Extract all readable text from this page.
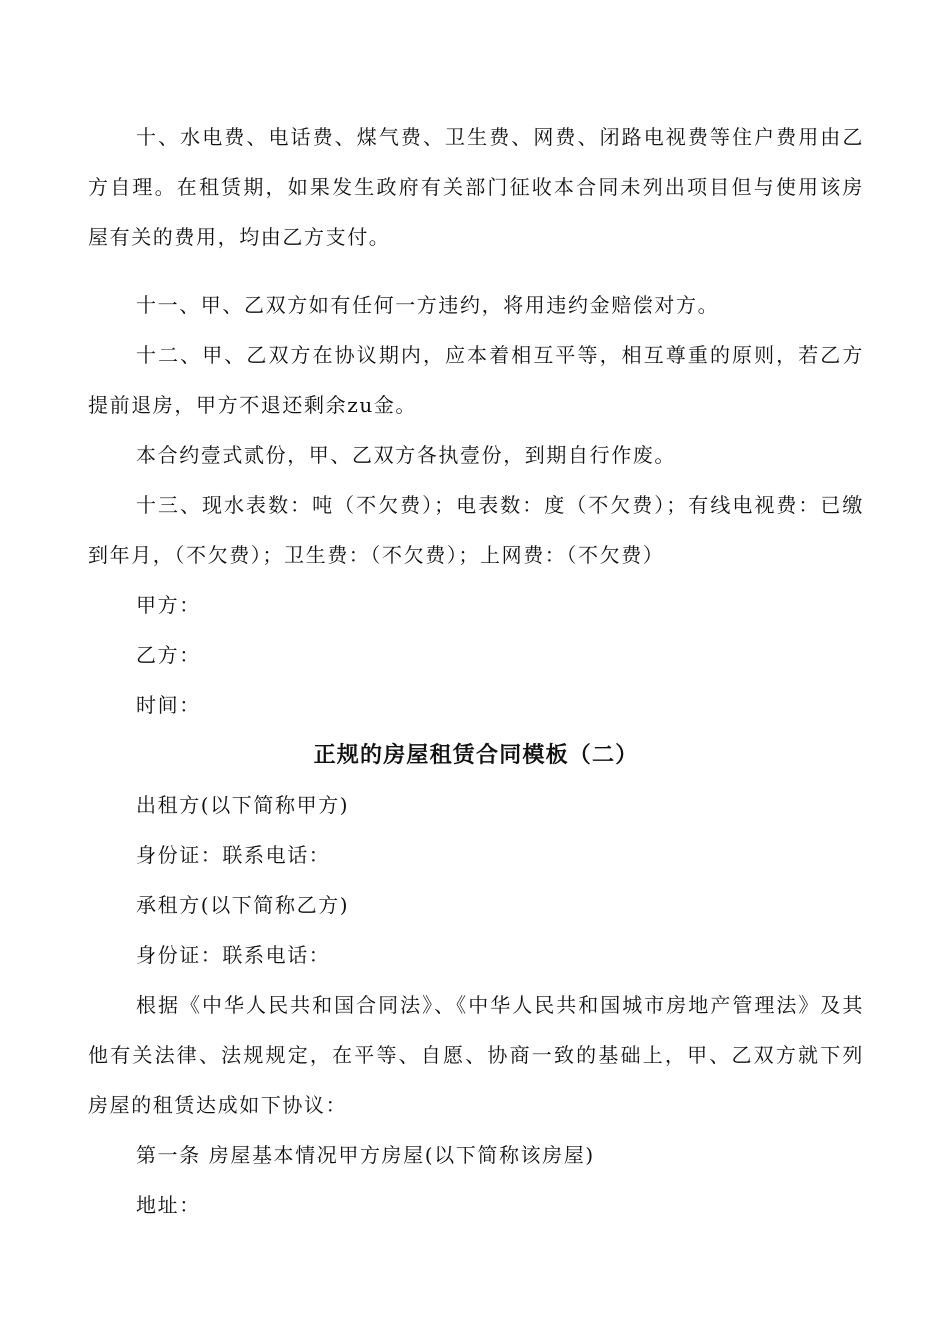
十、水电费、电话费、煤气费、卫生费、网费、闭路电视费等住户费用由乙方自理。在租赁期，如果发生政府有关部门征收本合同未列出项目但与使用该房屋有关的费用，均由乙方支付。

十一、甲、乙双方如有任何一方违约，将用违约金赔偿对方。

十二、甲、乙双方在协议期内，应本着相互平等，相互尊重的原则，若乙方提前退房，甲方不退还剩余zu金。

本合约壹式贰份，甲、乙双方各执壹份，到期自行作废。

十三、现水表数：吨（不欠费）；电表数：度（不欠费）；有线电视费：已缴到年月，（不欠费）；卫生费：（不欠费）；上网费：（不欠费）

甲方：

乙方：

时间：

正规的房屋租赁合同模板（二）

出租方(以下简称甲方)

身份证：联系电话：

承租方(以下简称乙方)

身份证：联系电话：

根据《中华人民共和国合同法》、《中华人民共和国城市房地产管理法》及其他有关法律、法规规定，在平等、自愿、协商一致的基础上，甲、乙双方就下列房屋的租赁达成如下协议：

第一条 房屋基本情况甲方房屋(以下简称该房屋)

地址：
